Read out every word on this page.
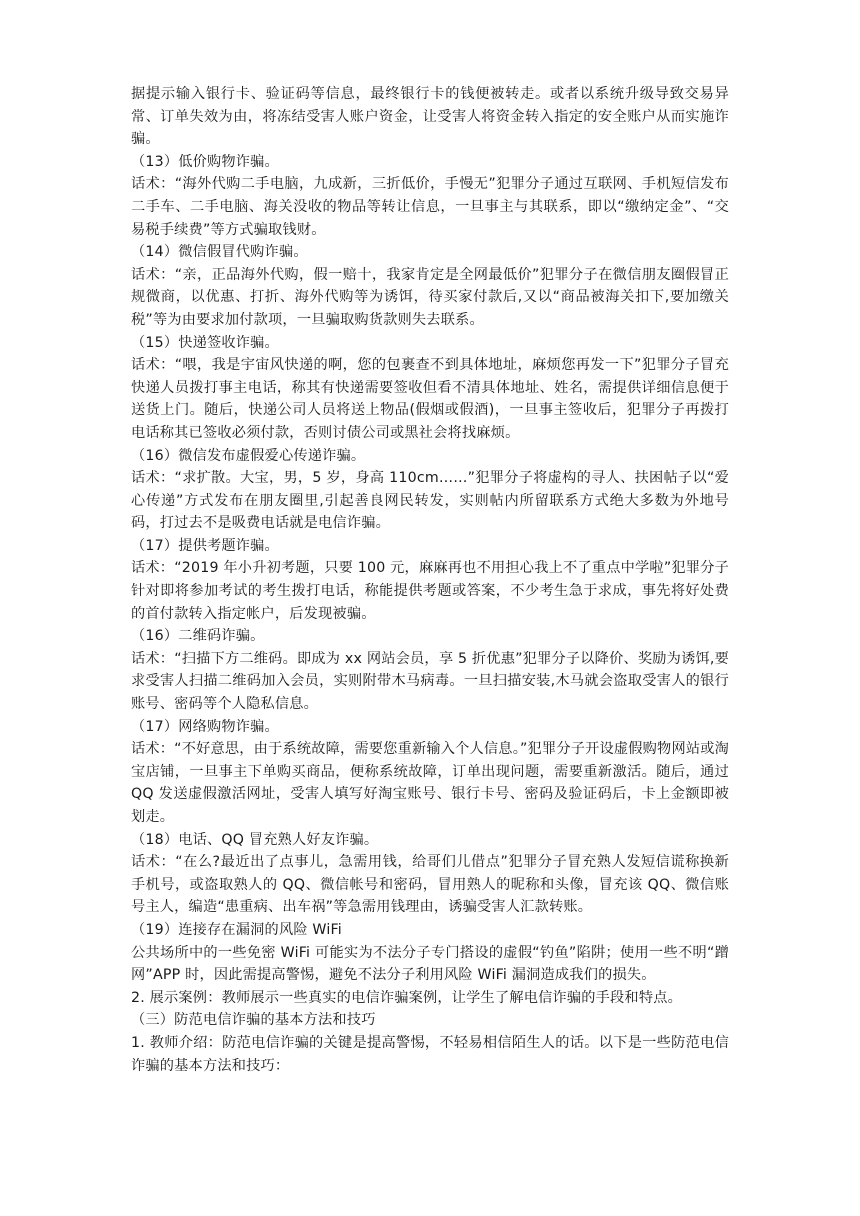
据提示输入银行卡、验证码等信息，最终银行卡的钱便被转走。或者以系统升级导致交易异常、订单失效为由，将冻结受害人账户资金，让受害人将资金转入指定的安全账户从而实施诈骗。

（13）低价购物诈骗。

话术：“海外代购二手电脑，九成新，三折低价，手慢无”犯罪分子通过互联网、手机短信发布二手车、二手电脑、海关没收的物品等转让信息，一旦事主与其联系，即以“缴纳定金”、“交易税手续费”等方式骗取钱财。

（14）微信假冒代购诈骗。

话术：“亲，正品海外代购，假一赔十，我家肯定是全网最低价”犯罪分子在微信朋友圈假冒正规微商，以优惠、打折、海外代购等为诱饵，待买家付款后,又以“商品被海关扣下,要加缴关税”等为由要求加付款项，一旦骗取购货款则失去联系。

（15）快递签收诈骗。

话术：“喂，我是宇宙风快递的啊，您的包裹查不到具体地址，麻烦您再发一下”犯罪分子冒充快递人员拨打事主电话，称其有快递需要签收但看不清具体地址、姓名，需提供详细信息便于送货上门。随后，快递公司人员将送上物品(假烟或假酒)，一旦事主签收后，犯罪分子再拨打电话称其已签收必须付款，否则讨债公司或黑社会将找麻烦。

（16）微信发布虚假爱心传递诈骗。

话术：“求扩散。大宝，男，5 岁，身高 110cm……”犯罪分子将虚构的寻人、扶困帖子以“爱心传递”方式发布在朋友圈里,引起善良网民转发，实则帖内所留联系方式绝大多数为外地号码，打过去不是吸费电话就是电信诈骗。

（17）提供考题诈骗。

话术：“2019 年小升初考题，只要 100 元，麻麻再也不用担心我上不了重点中学啦”犯罪分子针对即将参加考试的考生拨打电话，称能提供考题或答案，不少考生急于求成，事先将好处费的首付款转入指定帐户，后发现被骗。

（16）二维码诈骗。

话术：“扫描下方二维码。即成为 xx 网站会员，享 5 折优惠”犯罪分子以降价、奖励为诱饵,要求受害人扫描二维码加入会员，实则附带木马病毒。一旦扫描安装,木马就会盗取受害人的银行账号、密码等个人隐私信息。

（17）网络购物诈骗。

话术：“不好意思，由于系统故障，需要您重新输入个人信息。”犯罪分子开设虚假购物网站或淘宝店铺，一旦事主下单购买商品，便称系统故障，订单出现问题，需要重新激活。随后，通过 QQ 发送虚假激活网址，受害人填写好淘宝账号、银行卡号、密码及验证码后，卡上金额即被划走。

（18）电话、QQ 冒充熟人好友诈骗。

话术：“在么?最近出了点事儿，急需用钱，给哥们儿借点”犯罪分子冒充熟人发短信谎称换新手机号，或盗取熟人的 QQ、微信帐号和密码，冒用熟人的昵称和头像，冒充该 QQ、微信账号主人，编造“患重病、出车祸”等急需用钱理由，诱骗受害人汇款转账。

（19）连接存在漏洞的风险 WiFi

公共场所中的一些免密 WiFi 可能实为不法分子专门搭设的虚假“钓鱼”陷阱；使用一些不明“蹭网”APP 时，因此需提高警惕，避免不法分子利用风险 WiFi 漏洞造成我们的损失。

2. 展示案例：教师展示一些真实的电信诈骗案例，让学生了解电信诈骗的手段和特点。

（三）防范电信诈骗的基本方法和技巧

1. 教师介绍：防范电信诈骗的关键是提高警惕，不轻易相信陌生人的话。以下是一些防范电信诈骗的基本方法和技巧：
